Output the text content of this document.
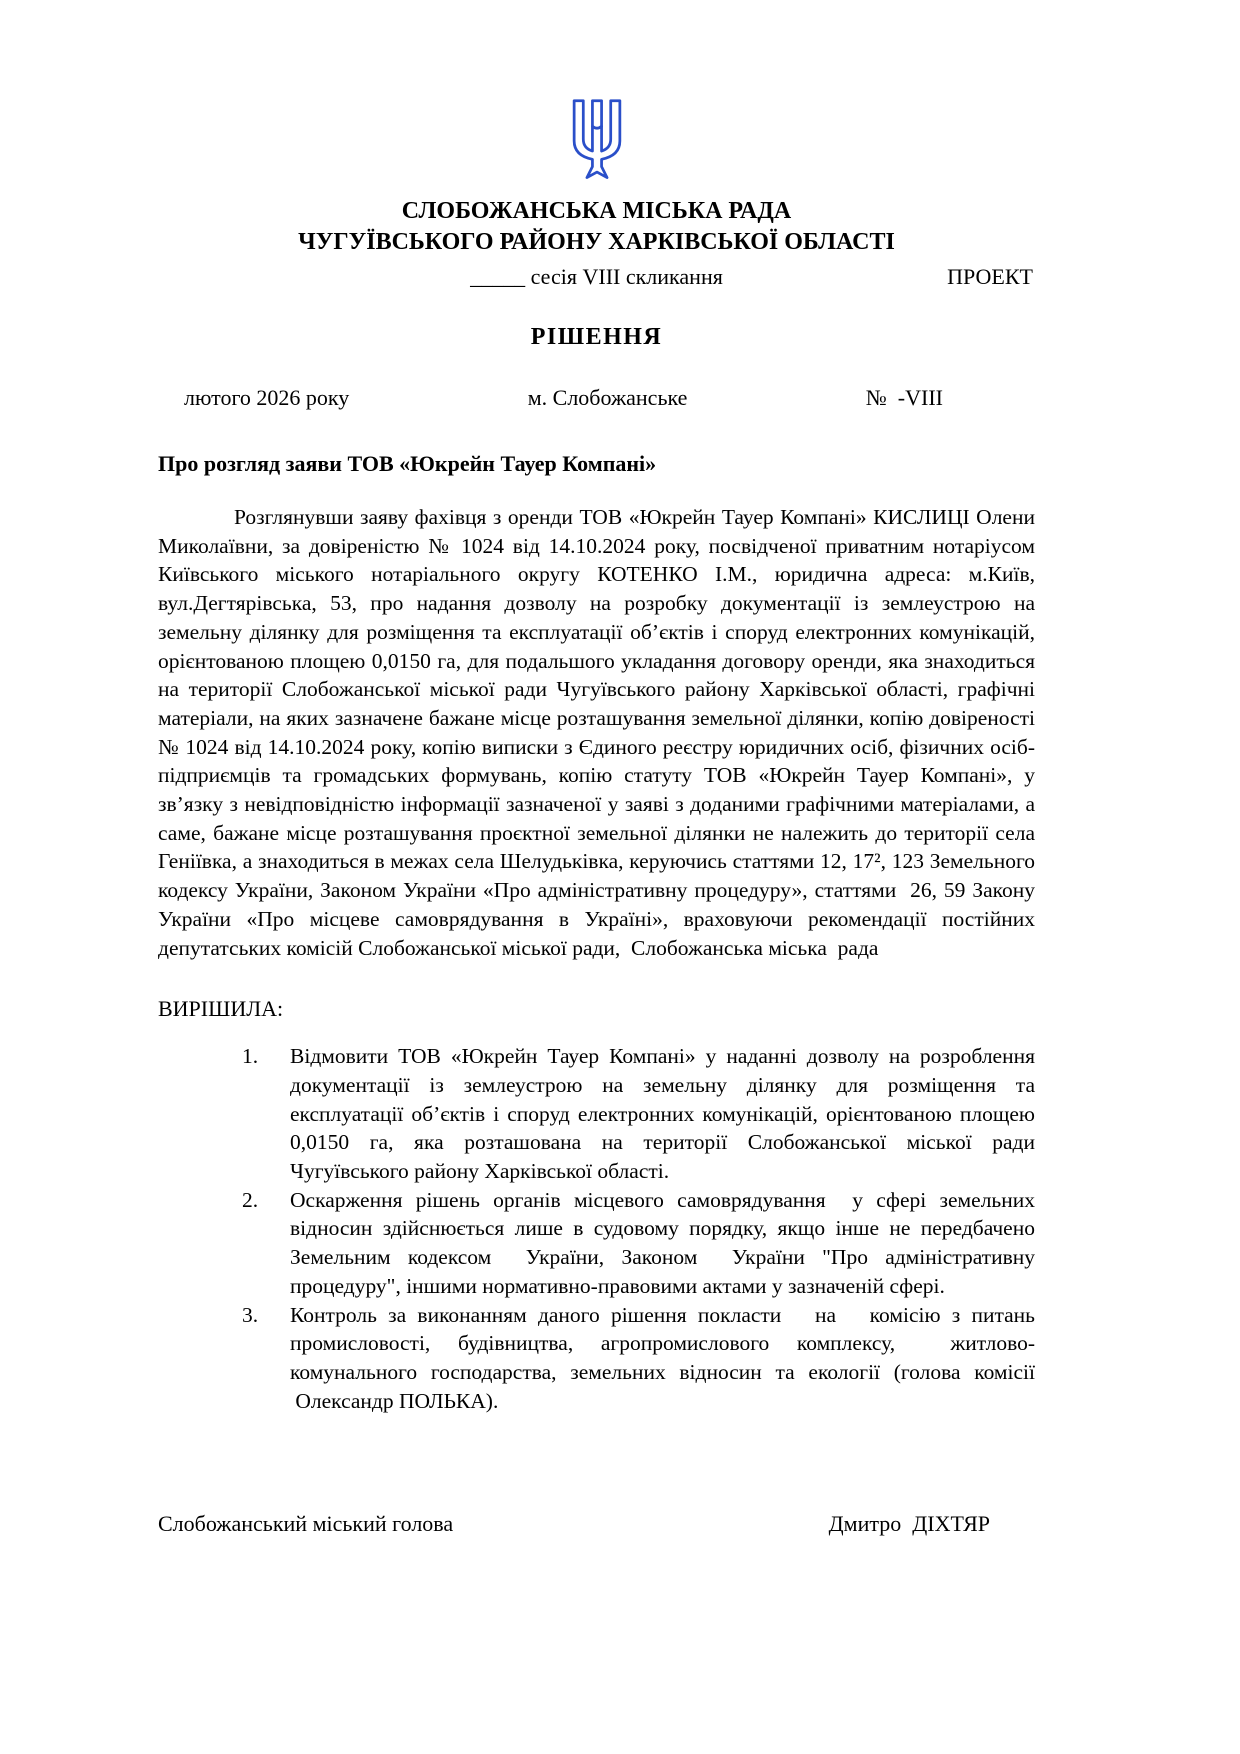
СЛОБОЖАНСЬКА МІСЬКА РАДА
ЧУГУЇВСЬКОГО РАЙОНУ ХАРКІВСЬКОЇ ОБЛАСТІ
_____ сесія VIII скликання	ПРОЕКТ
РІШЕННЯ
лютого 2026 року	м. Слобожанське	№  -VIII
Про розгляд заяви ТОВ «Юкрейн Тауер Компані»

Розглянувши заяву фахівця з оренди ТОВ «Юкрейн Тауер Компані» КИСЛИЦІ Олени Миколаївни, за довіреністю № 1024 від 14.10.2024 року, посвідченої приватним нотаріусом Київського міського нотаріального округу КОТЕНКО І.М., юридична адреса: м.Київ, вул.Дегтярівська, 53, про надання дозволу на розробку документації із землеустрою на земельну ділянку для розміщення та експлуатації об’єктів і споруд електронних комунікацій, орієнтованою площею 0,0150 га, для подальшого укладання договору оренди, яка знаходиться на території Слобожанської міської ради Чугуївського району Харківської області, графічні матеріали, на яких зазначене бажане місце розташування земельної ділянки, копію довіреності № 1024 від 14.10.2024 року, копію виписки з Єдиного реєстру юридичних осіб, фізичних осіб-підприємців та громадських формувань, копію статуту ТОВ «Юкрейн Тауер Компані», у зв’язку з невідповідністю інформації зазначеної у заяві з доданими графічними матеріалами, а саме, бажане місце розташування проєктної земельної ділянки не належить до території села Геніївка, а знаходиться в межах села Шелудьківка, керуючись статтями 12, 17², 123 Земельного кодексу України, Законом України «Про адміністративну процедуру», статтями  26, 59 Закону України «Про місцеве самоврядування в Україні», враховуючи рекомендації постійних депутатських комісій Слобожанської міської ради,  Слобожанська міська  рада

ВИРІШИЛА:
1. Відмовити ТОВ «Юкрейн Тауер Компані» у наданні дозволу на розроблення документації із землеустрою на земельну ділянку для розміщення та експлуатації об’єктів і споруд електронних комунікацій, орієнтованою площею 0,0150 га, яка розташована на території Слобожанської міської ради Чугуївського району Харківської області.
2. Оскарження рішень органів місцевого самоврядування  у сфері земельних відносин здійснюється лише в судовому порядку, якщо інше не передбачено Земельним кодексом  України, Законом  України "Про адміністративну процедуру", іншими нормативно-правовими актами у зазначеній сфері.
3. Контроль за виконанням даного рішення покласти   на   комісію з питань промисловості, будівництва, агропромислового комплексу,  житлово-комунального господарства, земельних відносин та екології (голова комісії  Олександр ПОЛЬКА).
Слобожанський міський голова	Дмитро  ДІХТЯР
